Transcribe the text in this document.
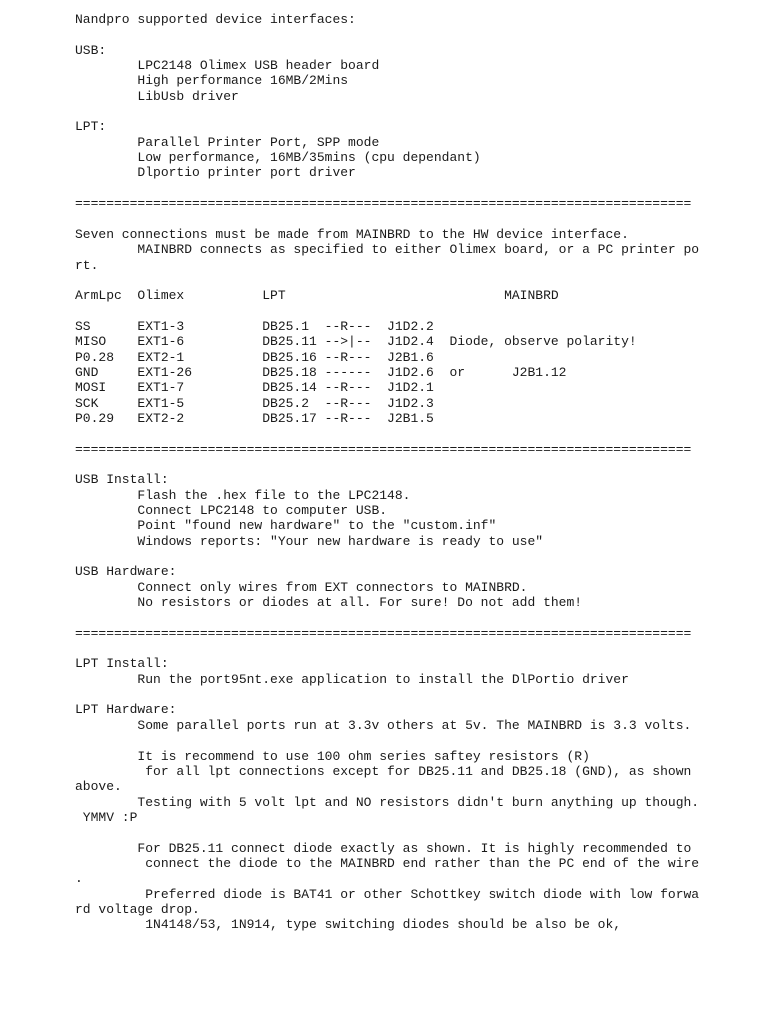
Nandpro supported device interfaces:
USB:
LPC2148 Olimex USB header board
High performance 16MB/2Mins
LibUsb driver
LPT:
Parallel Printer Port, SPP mode
Low performance, 16MB/35mins (cpu dependant)
Dlportio printer port driver
===============================================================================
Seven connections must be made from MAINBRD to the HW device interface.
MAINBRD connects as specified to either Olimex board, or a PC printer po
rt.
ArmLpc  Olimex          LPT                            MAINBRD
SS      EXT1-3          DB25.1  --R---  J1D2.2
MISO    EXT1-6          DB25.11 -->|--  J1D2.4  Diode, observe polarity!
P0.28   EXT2-1          DB25.16 --R---  J2B1.6
GND     EXT1-26         DB25.18 ------  J1D2.6  or      J2B1.12
MOSI    EXT1-7          DB25.14 --R---  J1D2.1
SCK     EXT1-5          DB25.2  --R---  J1D2.3
P0.29   EXT2-2          DB25.17 --R---  J2B1.5
===============================================================================
USB Install:
Flash the .hex file to the LPC2148.
Connect LPC2148 to computer USB.
Point "found new hardware" to the "custom.inf"
Windows reports: "Your new hardware is ready to use"
USB Hardware:
Connect only wires from EXT connectors to MAINBRD.
No resistors or diodes at all. For sure! Do not add them!
===============================================================================
LPT Install:
Run the port95nt.exe application to install the DlPortio driver
LPT Hardware:
Some parallel ports run at 3.3v others at 5v. The MAINBRD is 3.3 volts.
It is recommend to use 100 ohm series saftey resistors (R)
for all lpt connections except for DB25.11 and DB25.18 (GND), as shown
above.
Testing with 5 volt lpt and NO resistors didn't burn anything up though.
YMMV :P
For DB25.11 connect diode exactly as shown. It is highly recommended to
connect the diode to the MAINBRD end rather than the PC end of the wire
.
Preferred diode is BAT41 or other Schottkey switch diode with low forwa
rd voltage drop.
1N4148/53, 1N914, type switching diodes should be also be ok,
